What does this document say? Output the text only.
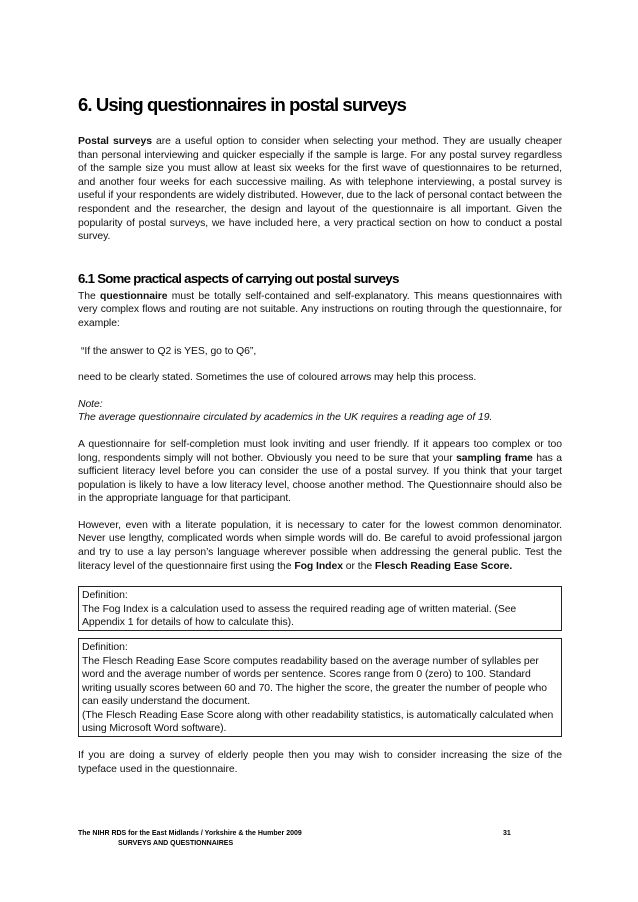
6. Using questionnaires in postal surveys

Postal surveys are a useful option to consider when selecting your method. They are usually cheaper than personal interviewing and quicker especially if the sample is large. For any postal survey regardless of the sample size you must allow at least six weeks for the first wave of questionnaires to be returned, and another four weeks for each successive mailing. As with telephone interviewing, a postal survey is useful if your respondents are widely distributed. However, due to the lack of personal contact between the respondent and the researcher, the design and layout of the questionnaire is all important. Given the popularity of postal surveys, we have included here, a very practical section on how to conduct a postal survey.

6.1 Some practical aspects of carrying out postal surveys

The questionnaire must be totally self-contained and self-explanatory. This means questionnaires with very complex flows and routing are not suitable. Any instructions on routing through the questionnaire, for example:

“If the answer to Q2 is YES, go to Q6”,

need to be clearly stated. Sometimes the use of coloured arrows may help this process.

Note:

The average questionnaire circulated by academics in the UK requires a reading age of 19.

A questionnaire for self-completion must look inviting and user friendly. If it appears too complex or too long, respondents simply will not bother. Obviously you need to be sure that your sampling frame has a sufficient literacy level before you can consider the use of a postal survey. If you think that your target population is likely to have a low literacy level, choose another method. The Questionnaire should also be in the appropriate language for that participant.

However, even with a literate population, it is necessary to cater for the lowest common denominator. Never use lengthy, complicated words when simple words will do. Be careful to avoid professional jargon and try to use a lay person’s language wherever possible when addressing the general public. Test the literacy level of the questionnaire first using the Fog Index or the Flesch Reading Ease Score.

Definition:

The Fog Index is a calculation used to assess the required reading age of written material. (See Appendix 1 for details of how to calculate this).

Definition:

The Flesch Reading Ease Score computes readability based on the average number of syllables per word and the average number of words per sentence. Scores range from 0 (zero) to 100. Standard writing usually scores between 60 and 70. The higher the score, the greater the number of people who can easily understand the document.

(The Flesch Reading Ease Score along with other readability statistics, is automatically calculated when using Microsoft Word software).

If you are doing a survey of elderly people then you may wish to consider increasing the size of the typeface used in the questionnaire.

The NIHR RDS for the East Midlands / Yorkshire & the Humber 2009	31
SURVEYS AND QUESTIONNAIRES
